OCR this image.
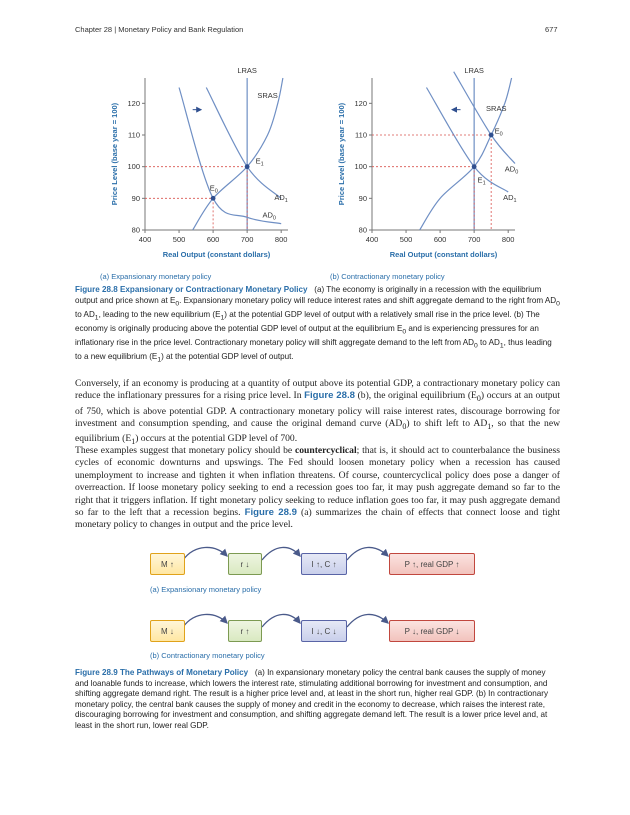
Chapter 28 | Monetary Policy and Bank Regulation	677
80
90
100
110
120
400	500	600	700	800
Real Output (constant dollars)
Price Level (base year = 100)
LRAS
SRAS
$AD_1$
$AD_0$
$E_1$
$E_0$
80
90
100
110
120
400	500	600	700	800
Real Output (constant dollars)
Price Level (base year = 100)
LRAS
SRAS
$E_0$
$AD_0$
$E_1$
$AD_1$
(a) Expansionary monetary policy	(b) Contractionary monetary policy
Figure 28.8 Expansionary or Contractionary Monetary Policy (a) The economy is originally in a recession with the equilibrium output and price shown at $E_0$. Expansionary monetary policy will reduce interest rates and shift aggregate demand to the right from $AD_0$ to $AD_1$, leading to the new equilibrium $(E_1)$ at the potential GDP level of output with a relatively small rise in the price level. (b) The economy is originally producing above the potential GDP level of output at the equilibrium $E_0$ and is experiencing pressures for an inflationary rise in the price level. Contractionary monetary policy will shift aggregate demand to the left from $AD_0$ to $AD_1$, thus leading to a new equilibrium $(E_1)$ at the potential GDP level of output.
Conversely, if an economy is producing at a quantity of output above its potential GDP, a contractionary monetary policy can reduce the inflationary pressures for a rising price level. In Figure 28.8 (b), the original equilibrium $(E_0)$ occurs at an output of 750, which is above potential GDP. A contractionary monetary policy will raise interest rates, discourage borrowing for investment and consumption spending, and cause the original demand curve $(AD_0)$ to shift left to $AD_1$, so that the new equilibrium $(E_1)$ occurs at the potential GDP level of 700.
These examples suggest that monetary policy should be countercyclical; that is, it should act to counterbalance the business cycles of economic downturns and upswings. The Fed should loosen monetary policy when a recession has caused unemployment to increase and tighten it when inflation threatens. Of course, countercyclical policy does pose a danger of overreaction. If loose monetary policy seeking to end a recession goes too far, it may push aggregate demand so far to the right that it triggers inflation. If tight monetary policy seeking to reduce inflation goes too far, it may push aggregate demand so far to the left that a recession begins. Figure 28.9 (a) summarizes the chain of effects that connect loose and tight monetary policy to changes in output and the price level.
M ↑	r ↓	I ↑, C ↑	P ↑, real GDP ↑
(a) Expansionary monetary policy
M ↓	r ↑	I ↓, C ↓	P ↓, real GDP ↓
(b) Contractionary monetary policy
Figure 28.9 The Pathways of Monetary Policy (a) In expansionary monetary policy the central bank causes the supply of money and loanable funds to increase, which lowers the interest rate, stimulating additional borrowing for investment and consumption, and shifting aggregate demand right. The result is a higher price level and, at least in the short run, higher real GDP. (b) In contractionary monetary policy, the central bank causes the supply of money and credit in the economy to decrease, which raises the interest rate, discouraging borrowing for investment and consumption, and shifting aggregate demand left. The result is a lower price level and, at least in the short run, lower real GDP.
